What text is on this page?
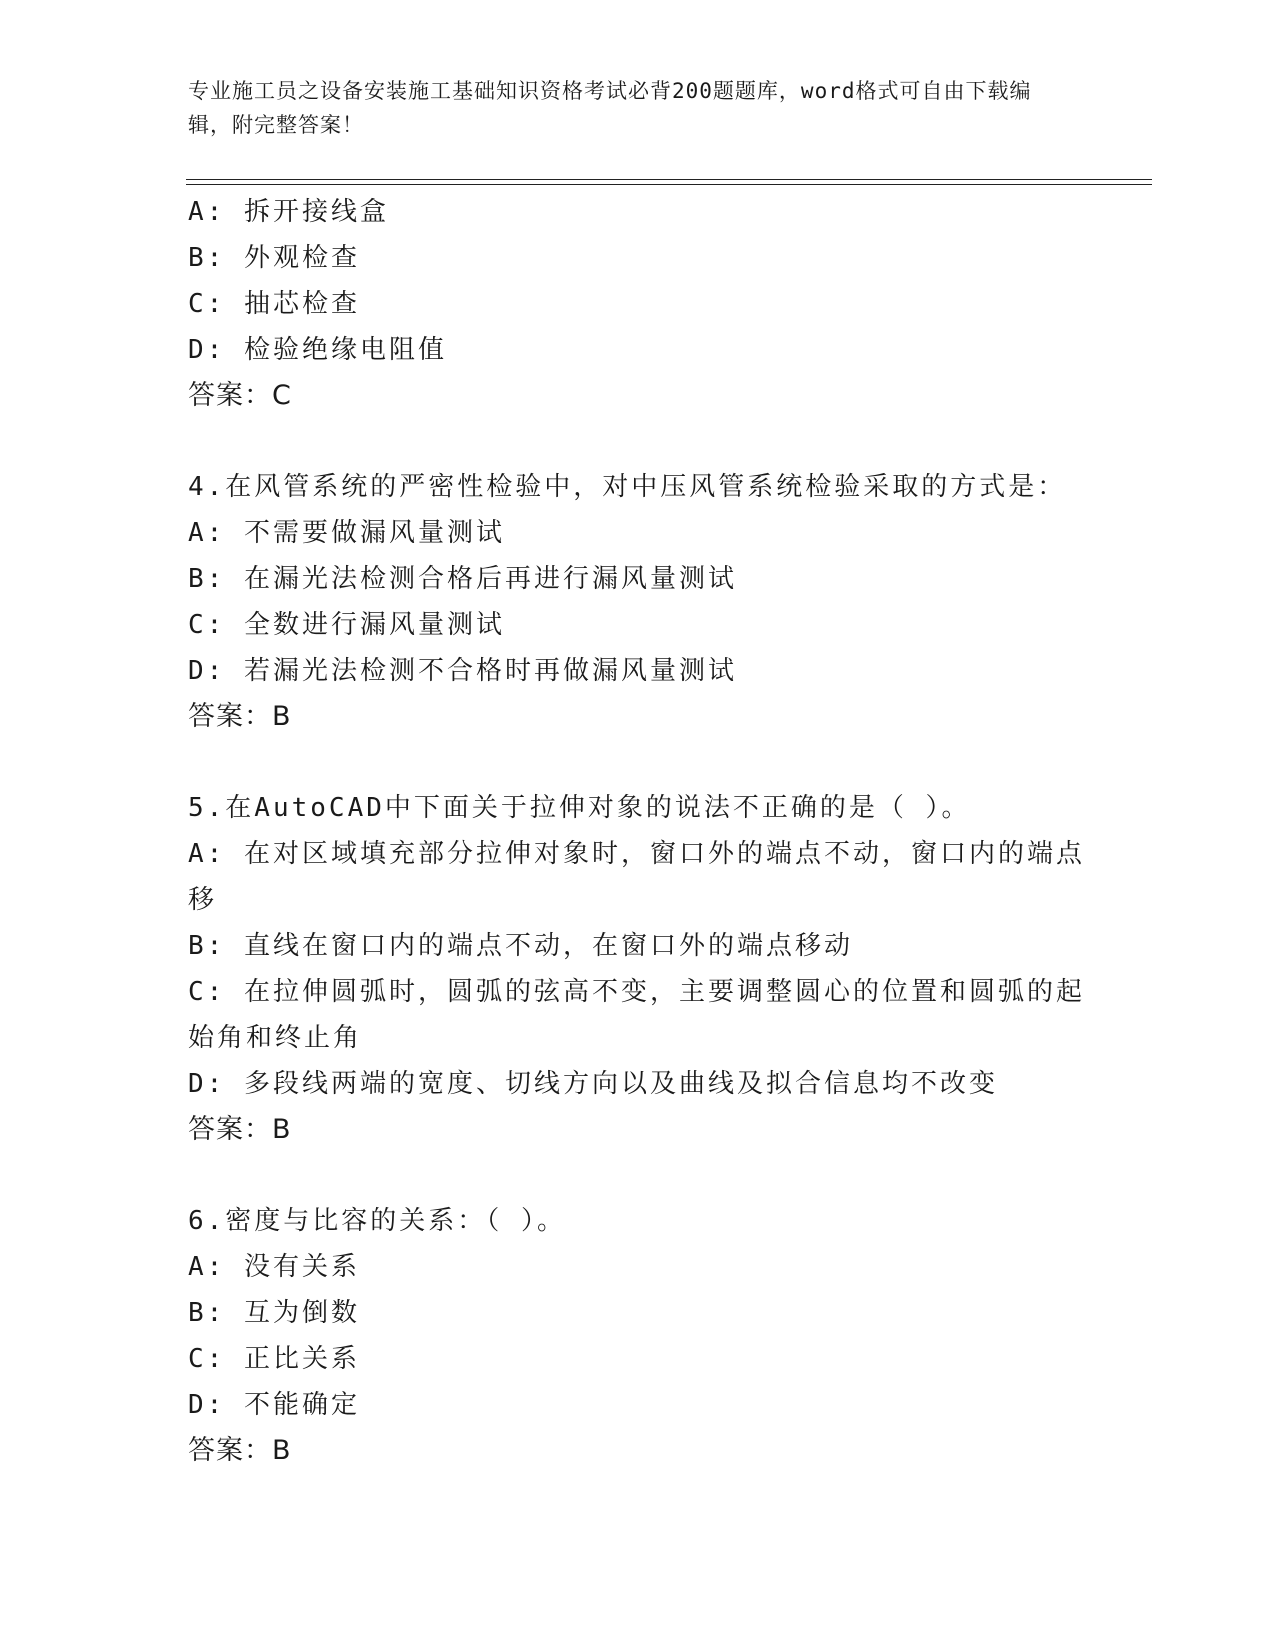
专业施工员之设备安装施工基础知识资格考试必背200题题库，word格式可自由下载编辑，附完整答案！
A: 拆开接线盒
B: 外观检查
C: 抽芯检查
D: 检验绝缘电阻值
答案：C
4.在风管系统的严密性检验中，对中压风管系统检验采取的方式是：
A: 不需要做漏风量测试
B: 在漏光法检测合格后再进行漏风量测试
C: 全数进行漏风量测试
D: 若漏光法检测不合格时再做漏风量测试
答案：B
5.在AutoCAD中下面关于拉伸对象的说法不正确的是（ ）。
A: 在对区域填充部分拉伸对象时，窗口外的端点不动，窗口内的端点移
B: 直线在窗口内的端点不动，在窗口外的端点移动
C: 在拉伸圆弧时，圆弧的弦高不变，主要调整圆心的位置和圆弧的起始角和终止角
D: 多段线两端的宽度、切线方向以及曲线及拟合信息均不改变
答案：B
6.密度与比容的关系：（ ）。
A: 没有关系
B: 互为倒数
C: 正比关系
D: 不能确定
答案：B
